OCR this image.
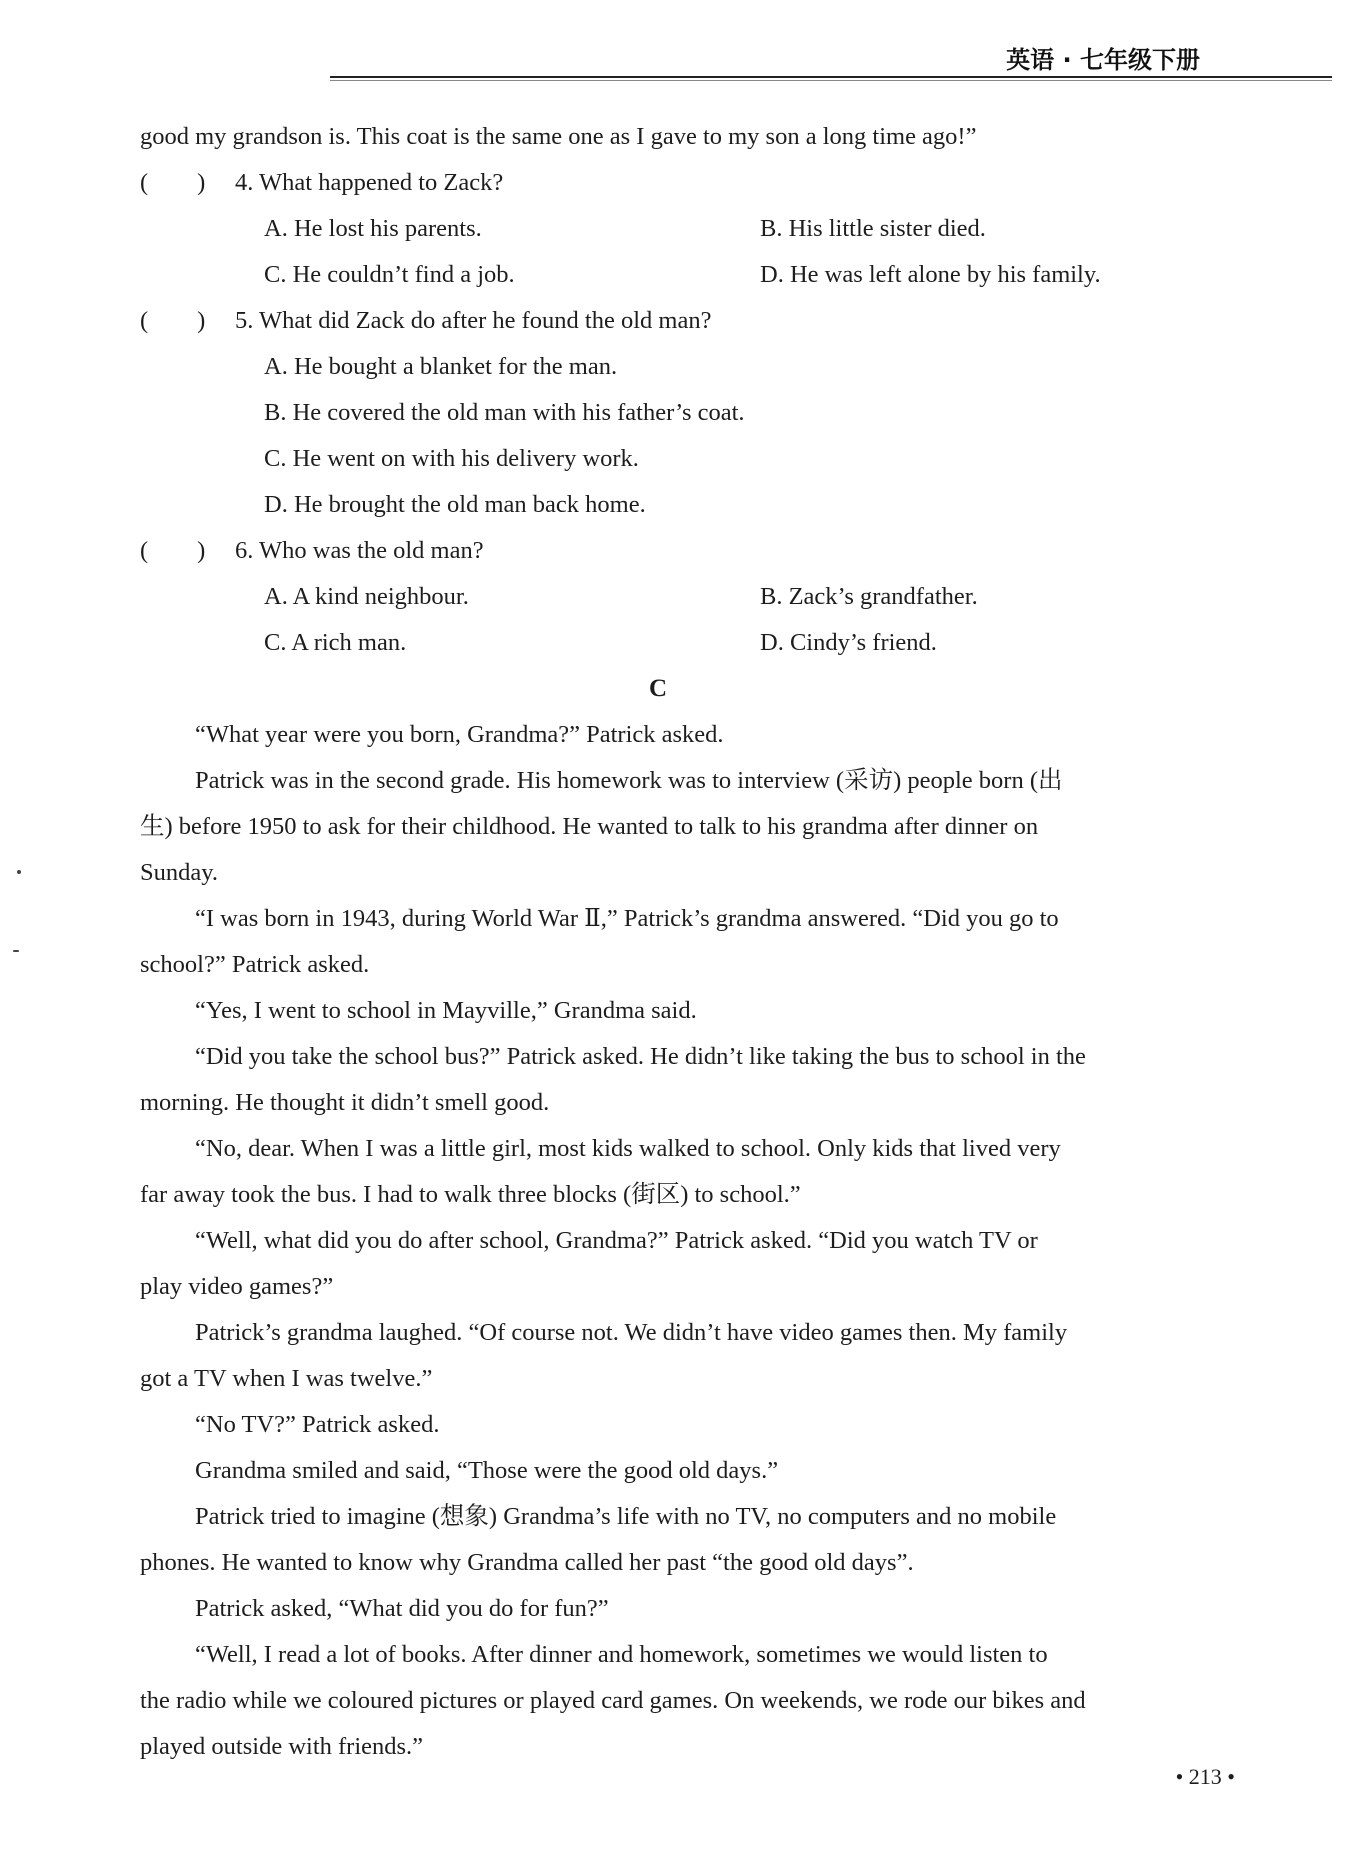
英语 · 七年级下册
good my grandson is. This coat is the same one as I gave to my son a long time ago!”
(　　)	4. What happened to Zack?
A. He lost his parents.	B. His little sister died.
C. He couldn’t find a job.	D. He was left alone by his family.
(　　)	5. What did Zack do after he found the old man?
A. He bought a blanket for the man.
B. He covered the old man with his father’s coat.
C. He went on with his delivery work.
D. He brought the old man back home.
(　　)	6. Who was the old man?
A. A kind neighbour.	B. Zack’s grandfather.
C. A rich man.	D. Cindy’s friend.
C
“What year were you born, Grandma?” Patrick asked.
Patrick was in the second grade. His homework was to interview (采访) people born (出
生) before 1950 to ask for their childhood. He wanted to talk to his grandma after dinner on
Sunday.
“I was born in 1943, during World War Ⅱ,” Patrick’s grandma answered. “Did you go to
school?” Patrick asked.
“Yes, I went to school in Mayville,” Grandma said.
“Did you take the school bus?” Patrick asked. He didn’t like taking the bus to school in the
morning. He thought it didn’t smell good.
“No, dear. When I was a little girl, most kids walked to school. Only kids that lived very
far away took the bus. I had to walk three blocks (街区) to school.”
“Well, what did you do after school, Grandma?” Patrick asked. “Did you watch TV or
play video games?”
Patrick’s grandma laughed. “Of course not. We didn’t have video games then. My family
got a TV when I was twelve.”
“No TV?” Patrick asked.
Grandma smiled and said, “Those were the good old days.”
Patrick tried to imagine (想象) Grandma’s life with no TV, no computers and no mobile
phones. He wanted to know why Grandma called her past “the good old days”.
Patrick asked, “What did you do for fun?”
“Well, I read a lot of books. After dinner and homework, sometimes we would listen to
the radio while we coloured pictures or played card games. On weekends, we rode our bikes and
played outside with friends.”
• 213 •
